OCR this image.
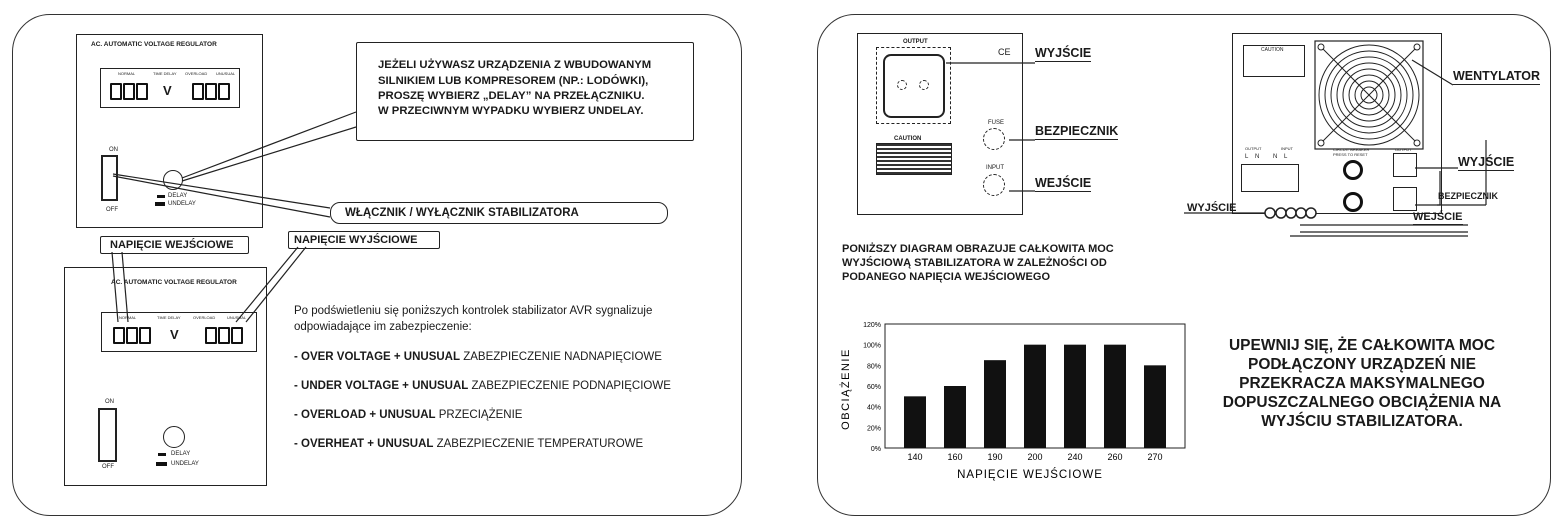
AC. AUTOMATIC VOLTAGE REGULATOR
NORMAL	TIME DELAY OVERLOAD UNUSUAL
V
ON
OFF
DELAY
UNDELAY
JEŻELI UŻYWASZ URZĄDZENIA Z WBUDOWANYM
SILNIKIEM LUB KOMPRESOREM (NP.: LODÓWKI),
PROSZĘ WYBIERZ „DELAY” NA PRZEŁĄCZNIKU.
W PRZECIWNYM WYPADKU WYBIERZ UNDELAY.
WŁĄCZNIK / WYŁĄCZNIK STABILIZATORA
NAPIĘCIE WEJŚCIOWE	NAPIĘCIE WYJŚCIOWE
AC. AUTOMATIC VOLTAGE REGULATOR
NORMAL	TIME DELAY	OVERLOAD	UNUSUAL
V
ON
OFF
DELAY
UNDELAY
Po podświetleniu się poniższych kontrolek stabilizator AVR sygnalizuje
odpowiadające im zabezpieczenie:
- OVER VOLTAGE + UNUSUAL ZABEZPIECZENIE NADNAPIĘCIOWE
- UNDER VOLTAGE + UNUSUAL ZABEZPIECZENIE PODNAPIĘCIOWE
- OVERLOAD + UNUSUAL PRZECIĄŻENIE
- OVERHEAT + UNUSUAL ZABEZPIECZENIE TEMPERATUROWE
OUTPUT
CE
CAUTION
FUSE
INPUT
WYJŚCIE
BEZPIECZNIK
WEJŚCIE
CAUTION
OUTPUT	INPUT
L N N L
CIRCUIT BREAKER
PRESS TO RESET
OUTPUT
WENTYLATOR
WYJŚCIE
BEZPIECZNIK
WYJŚCIE
WEJŚCIE
PONIŻSZY DIAGRAM OBRAZUJE CAŁKOWITA MOC
WYJŚCIOWĄ STABILIZATORA W ZALEŻNOŚCI OD
PODANEGO NAPIĘCIA WEJŚCIOWEGO
OBCIĄŻENIE
NAPIĘCIE WEJŚCIOWE
0%
20%
40%
60%
80%
100%
120%
140	160	190	200	240	260	270
UPEWNIJ SIĘ, ŻE CAŁKOWITA MOC
PODŁĄCZONY URZĄDZEŃ NIE
PRZEKRACZA MAKSYMALNEGO
DOPUSZCZALNEGO OBCIĄŻENIA NA
WYJŚCIU STABILIZATORA.
